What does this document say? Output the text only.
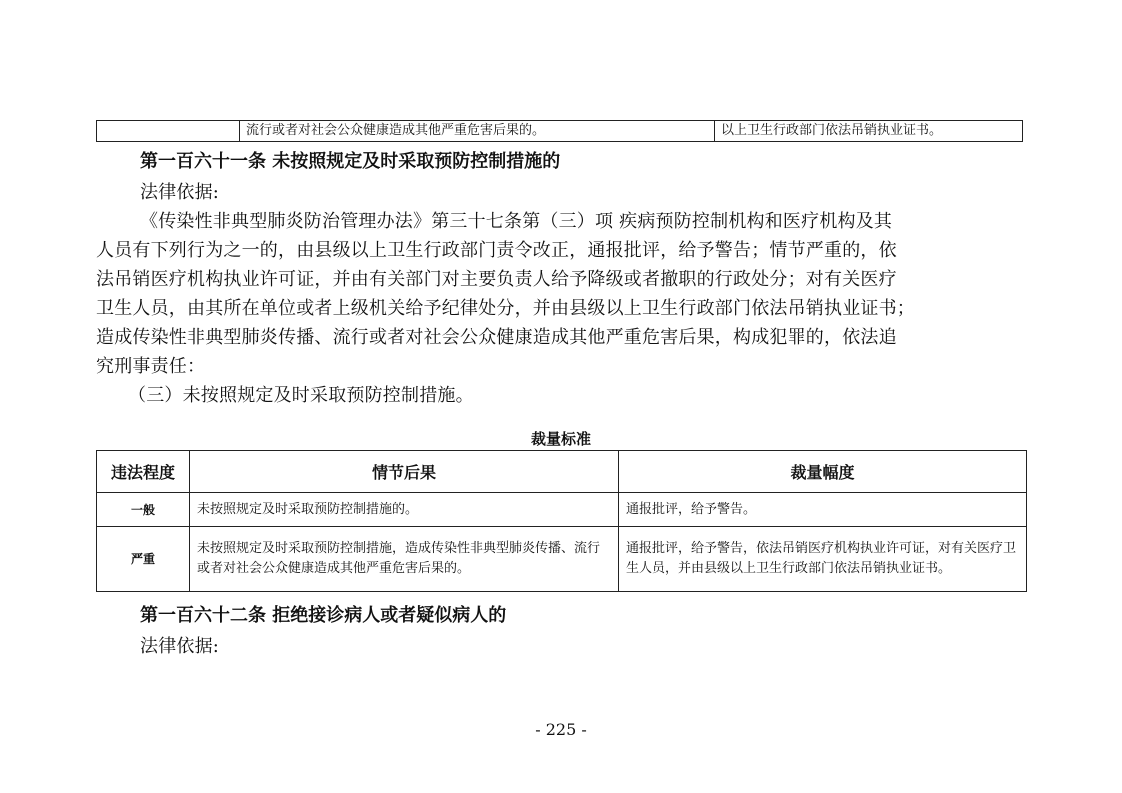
	流行或者对社会公众健康造成其他严重危害后果的。	以上卫生行政部门依法吊销执业证书。
第一百六十一条 未按照规定及时采取预防控制措施的
法律依据:
《传染性非典型肺炎防治管理办法》第三十七条第（三）项 疾病预防控制机构和医疗机构及其
人员有下列行为之一的，由县级以上卫生行政部门责令改正，通报批评，给予警告；情节严重的，依
法吊销医疗机构执业许可证，并由有关部门对主要负责人给予降级或者撤职的行政处分；对有关医疗
卫生人员，由其所在单位或者上级机关给予纪律处分，并由县级以上卫生行政部门依法吊销执业证书；
造成传染性非典型肺炎传播、流行或者对社会公众健康造成其他严重危害后果，构成犯罪的，依法追
究刑事责任：
（三）未按照规定及时采取预防控制措施。
裁量标准
违法程度	情节后果	裁量幅度
一般	未按照规定及时采取预防控制措施的。	通报批评，给予警告。
严重	未按照规定及时采取预防控制措施，造成传染性非典型肺炎传播、流行或者对社会公众健康造成其他严重危害后果的。	通报批评，给予警告，依法吊销医疗机构执业许可证，对有关医疗卫生人员，并由县级以上卫生行政部门依法吊销执业证书。
第一百六十二条 拒绝接诊病人或者疑似病人的
法律依据:
- 225 -
